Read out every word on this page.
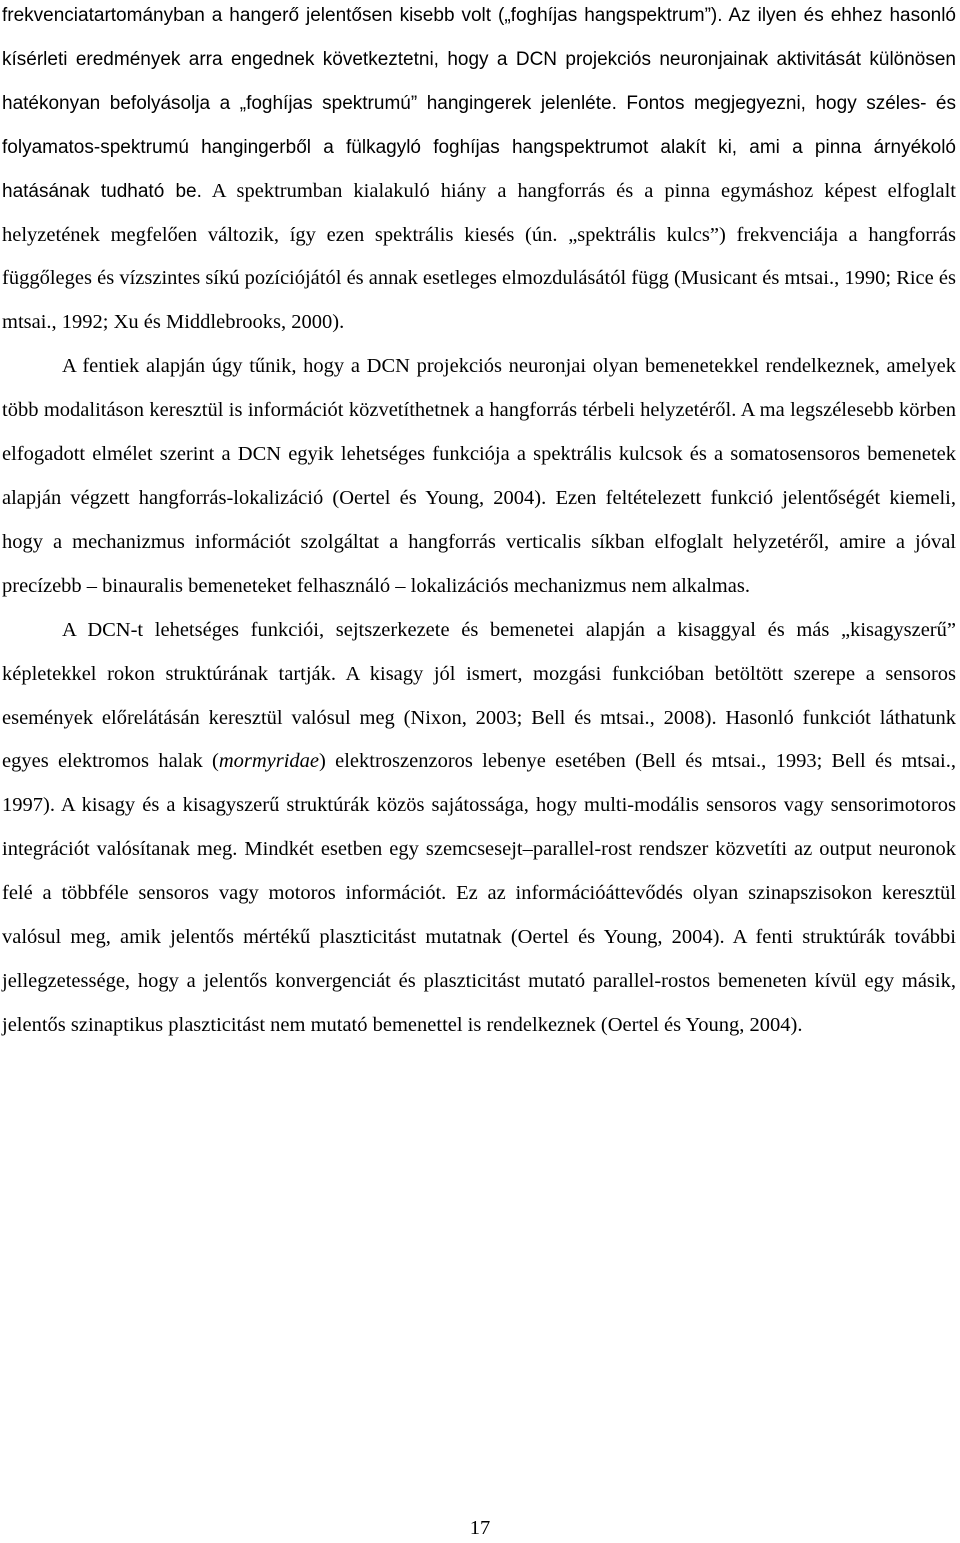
frekvenciatartományban a hangerő jelentősen kisebb volt („foghíjas hangspektrum”). Az ilyen és ehhez hasonló kísérleti eredmények arra engednek következtetni, hogy a DCN projekciós neuronjainak aktivitását különösen hatékonyan befolyásolja a „foghíjas spektrumú” hangingerek jelenléte. Fontos megjegyezni, hogy széles- és folyamatos-spektrumú hangingerből a fülkagyló foghíjas hangspektrumot alakít ki, ami a pinna árnyékoló hatásának tudható be. A spektrumban kialakuló hiány a hangforrás és a pinna egymáshoz képest elfoglalt helyzetének megfelően változik, így ezen spektrális kiesés (ún. „spektrális kulcs”) frekvenciája a hangforrás függőleges és vízszintes síkú pozíciójától és annak esetleges elmozdulásától függ (Musicant és mtsai., 1990; Rice és mtsai., 1992; Xu és Middlebrooks, 2000).

A fentiek alapján úgy tűnik, hogy a DCN projekciós neuronjai olyan bemenetekkel rendelkeznek, amelyek több modalitáson keresztül is információt közvetíthetnek a hangforrás térbeli helyzetéről. A ma legszélesebb körben elfogadott elmélet szerint a DCN egyik lehetséges funkciója a spektrális kulcsok és a somatosensoros bemenetek alapján végzett hangforrás-lokalizáció (Oertel és Young, 2004). Ezen feltételezett funkció jelentőségét kiemeli, hogy a mechanizmus információt szolgáltat a hangforrás verticalis síkban elfoglalt helyzetéről, amire a jóval precízebb – binauralis bemeneteket felhasználó – lokalizációs mechanizmus nem alkalmas.

A DCN-t lehetséges funkciói, sejtszerkezete és bemenetei alapján a kisaggyal és más „kisagyszerű” képletekkel rokon struktúrának tartják. A kisagy jól ismert, mozgási funkcióban betöltött szerepe a sensoros események előrelátásán keresztül valósul meg (Nixon, 2003; Bell és mtsai., 2008). Hasonló funkciót láthatunk egyes elektromos halak (mormyridae) elektroszenzoros lebenye esetében (Bell és mtsai., 1993; Bell és mtsai., 1997). A kisagy és a kisagyszerű struktúrák közös sajátossága, hogy multi-modális sensoros vagy sensorimotoros integrációt valósítanak meg. Mindkét esetben egy szemcsesejt–parallel-rost rendszer közvetíti az output neuronok felé a többféle sensoros vagy motoros információt. Ez az információáttevődés olyan szinapszisokon keresztül valósul meg, amik jelentős mértékű plaszticitást mutatnak (Oertel és Young, 2004). A fenti struktúrák további jellegzetessége, hogy a jelentős konvergenciát és plaszticitást mutató parallel-rostos bemeneten kívül egy másik, jelentős szinaptikus plaszticitást nem mutató bemenettel is rendelkeznek (Oertel és Young, 2004).

17
